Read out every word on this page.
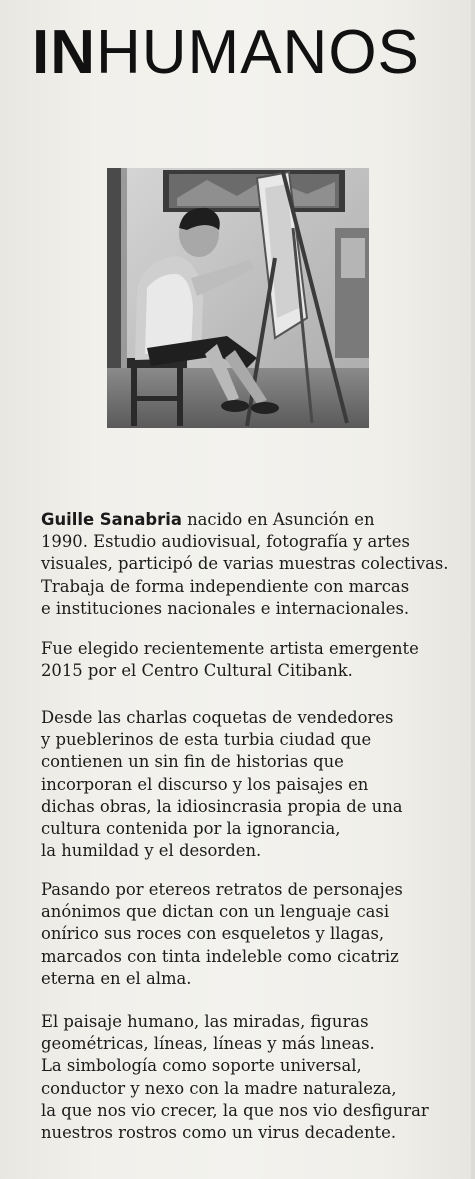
INHUMANOS

Guille Sanabria nacido en Asunción en
1990. Estudio audiovisual, fotografía y artes
visuales, participó de varias muestras colectivas.
Trabaja de forma independiente con marcas
e instituciones nacionales e internacionales.

Fue elegido recientemente artista emergente
2015 por el Centro Cultural Citibank.

Desde las charlas coquetas de vendedores
y pueblerinos de esta turbia ciudad que
contienen un sin fin de historias que
incorporan el discurso y los paisajes en
dichas obras, la idiosincrasia propia de una
cultura contenida por la ignorancia,
la humildad y el desorden.

Pasando por etereos retratos de personajes
anónimos que dictan con un lenguaje casi
onírico sus roces con esqueletos y llagas,
marcados con tinta indeleble como cicatriz
eterna en el alma.

El paisaje humano, las miradas, figuras
geométricas, líneas, líneas y más lıneas.
La simbología como soporte universal,
conductor y nexo con la madre naturaleza,
la que nos vio crecer, la que nos vio desfigurar
nuestros rostros como un virus decadente.
